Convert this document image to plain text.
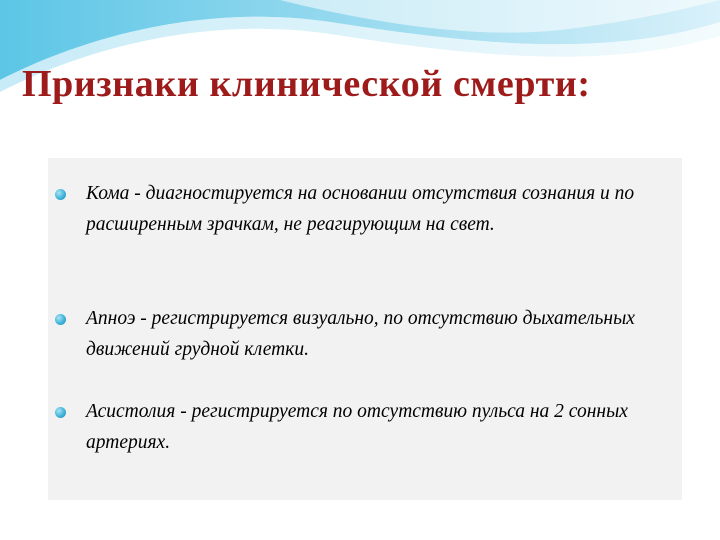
Признаки клинической смерти:
Кома - диагностируется на основании отсутствия сознания и по расширенным зрачкам, не реагирующим на свет.
Апноэ - регистрируется визуально, по отсутствию дыхательных движений грудной клетки.
Асистолия - регистрируется по отсутствию пульса на 2 сонных артериях.
